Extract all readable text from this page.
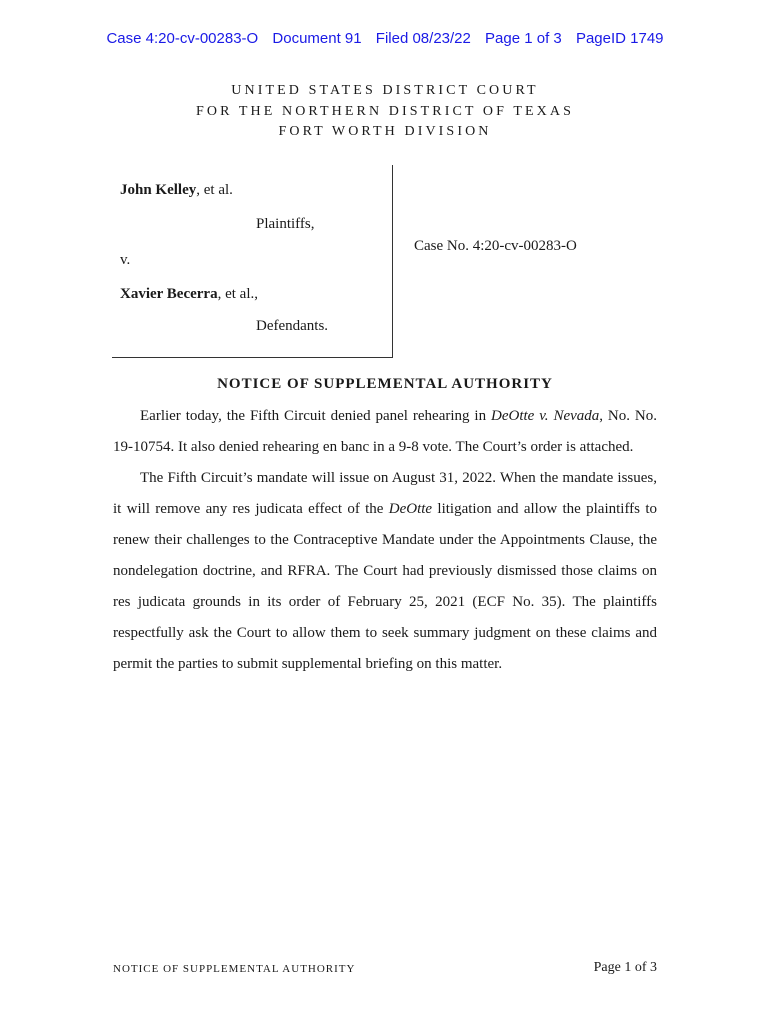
Case 4:20-cv-00283-O Document 91 Filed 08/23/22 Page 1 of 3 PageID 1749
UNITED STATES DISTRICT COURT
FOR THE NORTHERN DISTRICT OF TEXAS
FORT WORTH DIVISION
John Kelley, et al.
Plaintiffs,
v.
Xavier Becerra, et al.,
Defendants.
Case No. 4:20-cv-00283-O
NOTICE OF SUPPLEMENTAL AUTHORITY

Earlier today, the Fifth Circuit denied panel rehearing in DeOtte v. Nevada, No. No. 19-10754. It also denied rehearing en banc in a 9-8 vote. The Court’s order is attached.

The Fifth Circuit’s mandate will issue on August 31, 2022. When the mandate issues, it will remove any res judicata effect of the DeOtte litigation and allow the plaintiffs to renew their challenges to the Contraceptive Mandate under the Appointments Clause, the nondelegation doctrine, and RFRA. The Court had previously dismissed those claims on res judicata grounds in its order of February 25, 2021 (ECF No. 35). The plaintiffs respectfully ask the Court to allow them to seek summary judgment on these claims and permit the parties to submit supplemental briefing on this matter.

NOTICE OF SUPPLEMENTAL AUTHORITY	Page 1 of 3
